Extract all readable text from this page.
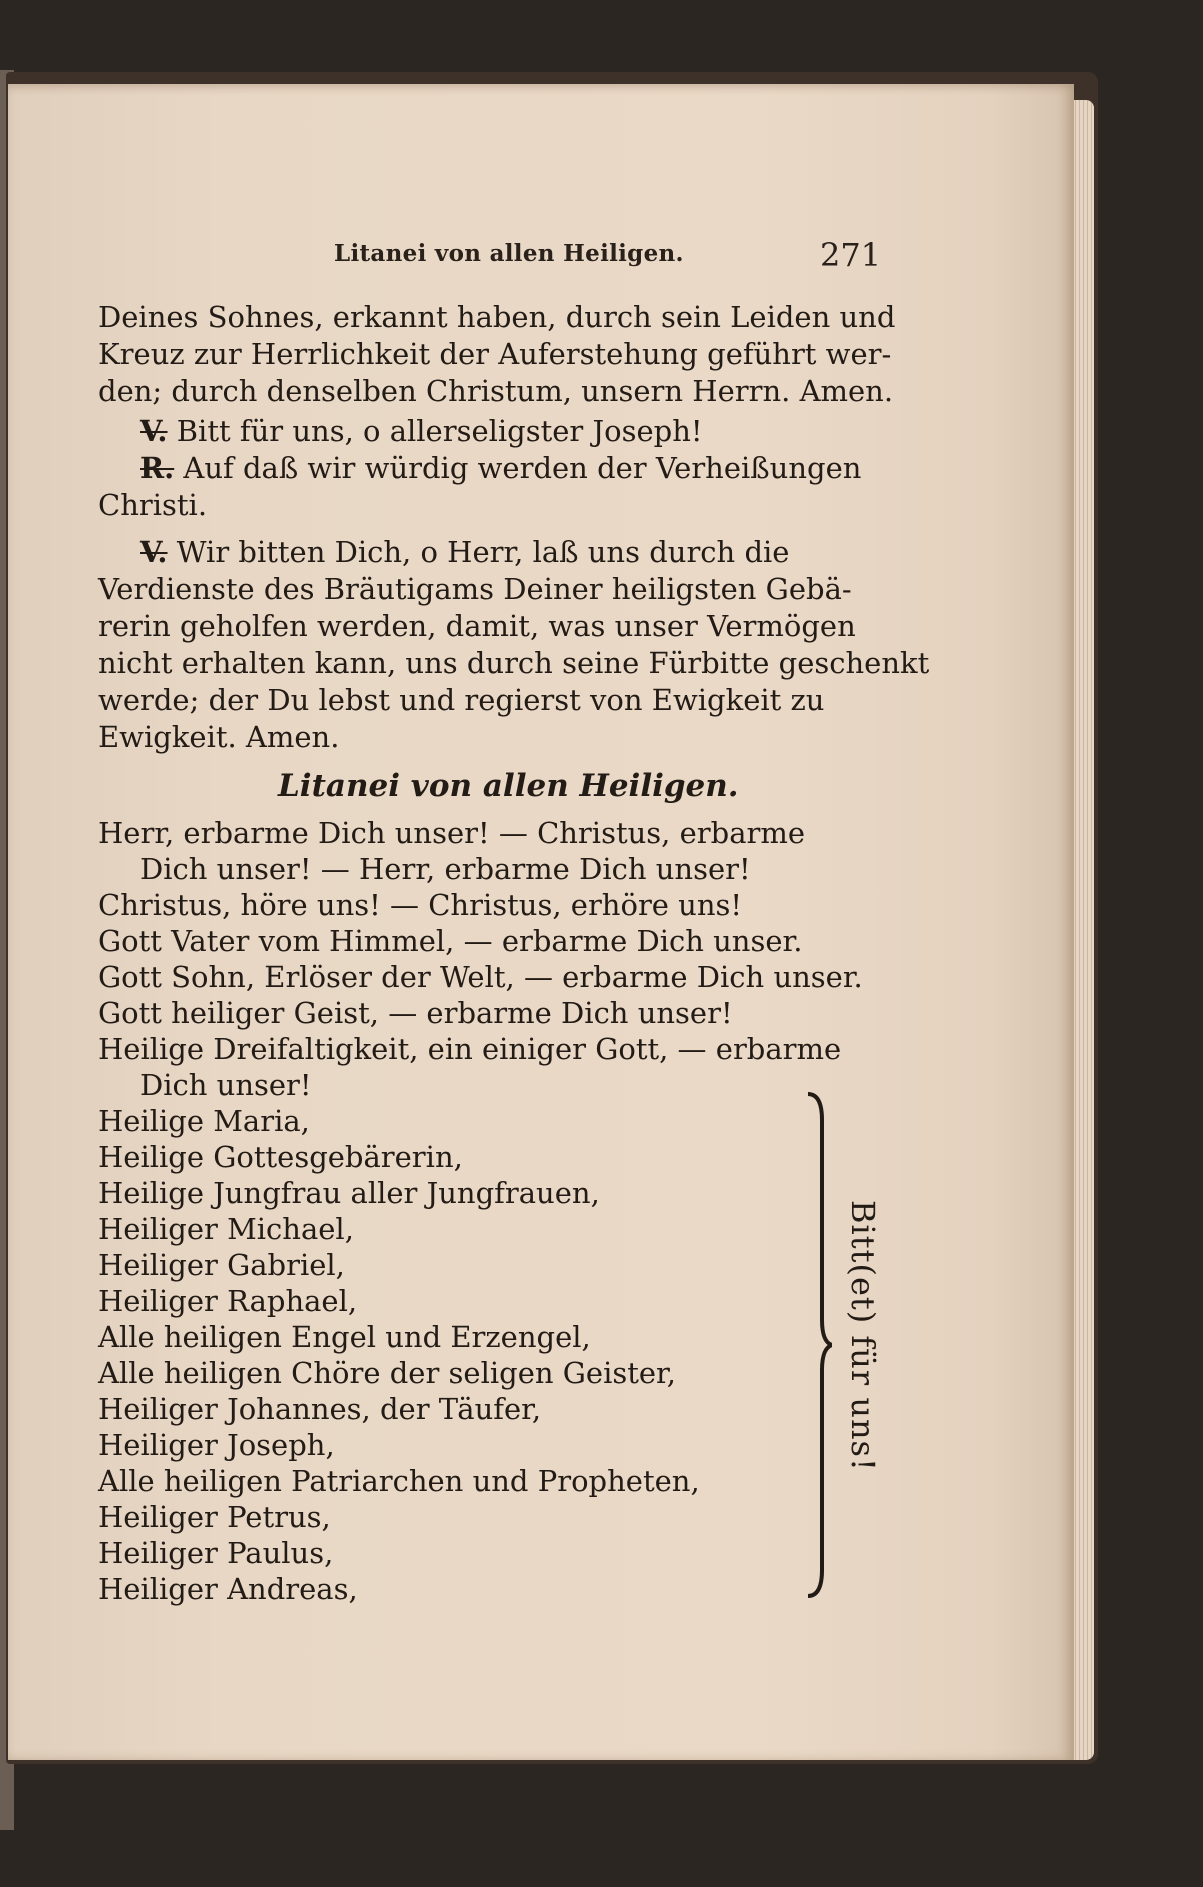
Litanei von allen Heiligen.	271
Deines Sohnes, erkannt haben, durch sein Leiden und
Kreuz zur Herrlichkeit der Auferstehung geführt wer-
den; durch denselben Christum, unsern Herrn. Amen.
V. Bitt für uns, o allerseligster Joseph!
R. Auf daß wir würdig werden der Verheißungen
Christi.
V. Wir bitten Dich, o Herr, laß uns durch die
Verdienste des Bräutigams Deiner heiligsten Gebä-
rerin geholfen werden, damit, was unser Vermögen
nicht erhalten kann, uns durch seine Fürbitte geschenkt
werde; der Du lebst und regierst von Ewigkeit zu
Ewigkeit. Amen.
Litanei von allen Heiligen.
Herr, erbarme Dich unser! — Christus, erbarme
Dich unser! — Herr, erbarme Dich unser!
Christus, höre uns! — Christus, erhöre uns!
Gott Vater vom Himmel, — erbarme Dich unser.
Gott Sohn, Erlöser der Welt, — erbarme Dich unser.
Gott heiliger Geist, — erbarme Dich unser!
Heilige Dreifaltigkeit, ein einiger Gott, — erbarme
Dich unser!
Heilige Maria,
Heilige Gottesgebärerin,
Heilige Jungfrau aller Jungfrauen,
Heiliger Michael,
Heiliger Gabriel,
Heiliger Raphael,
Alle heiligen Engel und Erzengel,
Alle heiligen Chöre der seligen Geister,
Heiliger Johannes, der Täufer,
Heiliger Joseph,
Alle heiligen Patriarchen und Propheten,
Heiliger Petrus,
Heiliger Paulus,
Heiliger Andreas,
Bitt(et) für uns!
